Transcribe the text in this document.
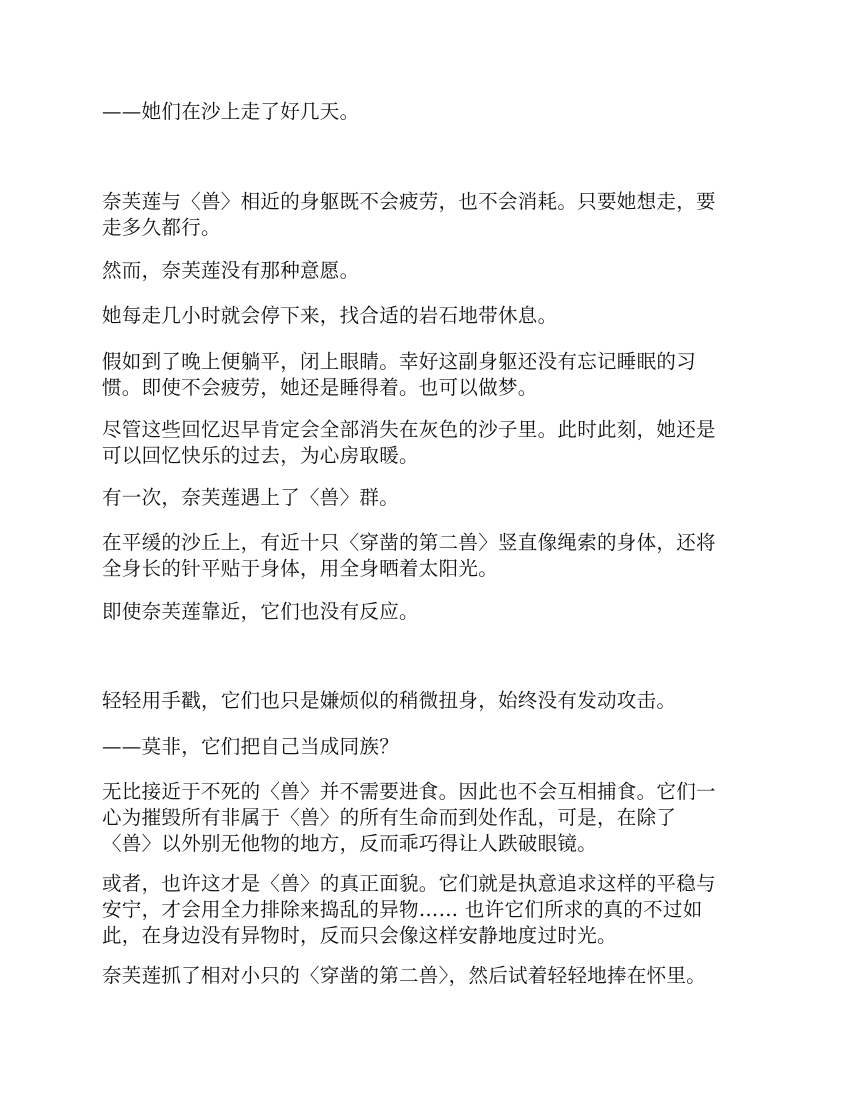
——她们在沙上走了好几天。

奈芙莲与〈兽〉相近的身躯既不会疲劳，也不会消耗。只要她想走，要
走多久都行。

然而，奈芙莲没有那种意愿。

她每走几小时就会停下来，找合适的岩石地带休息。

假如到了晚上便躺平，闭上眼睛。幸好这副身躯还没有忘记睡眠的习
惯。即使不会疲劳，她还是睡得着。也可以做梦。

尽管这些回忆迟早肯定会全部消失在灰色的沙子里。此时此刻，她还是
可以回忆快乐的过去，为心房取暖。

有一次，奈芙莲遇上了〈兽〉群。

在平缓的沙丘上，有近十只〈穿凿的第二兽〉竖直像绳索的身体，还将
全身长的针平贴于身体，用全身晒着太阳光。

即使奈芙莲靠近，它们也没有反应。

轻轻用手戳，它们也只是嫌烦似的稍微扭身，始终没有发动攻击。

——莫非，它们把自己当成同族？

无比接近于不死的〈兽〉并不需要进食。因此也不会互相捕食。它们一
心为摧毁所有非属于〈兽〉的所有生命而到处作乱，可是，在除了
〈兽〉以外别无他物的地方，反而乖巧得让人跌破眼镜。

或者，也许这才是〈兽〉的真正面貌。它们就是执意追求这样的平稳与
安宁，才会用全力排除来捣乱的异物…… 也许它们所求的真的不过如
此，在身边没有异物时，反而只会像这样安静地度过时光。

奈芙莲抓了相对小只的〈穿凿的第二兽〉，然后试着轻轻地捧在怀里。
